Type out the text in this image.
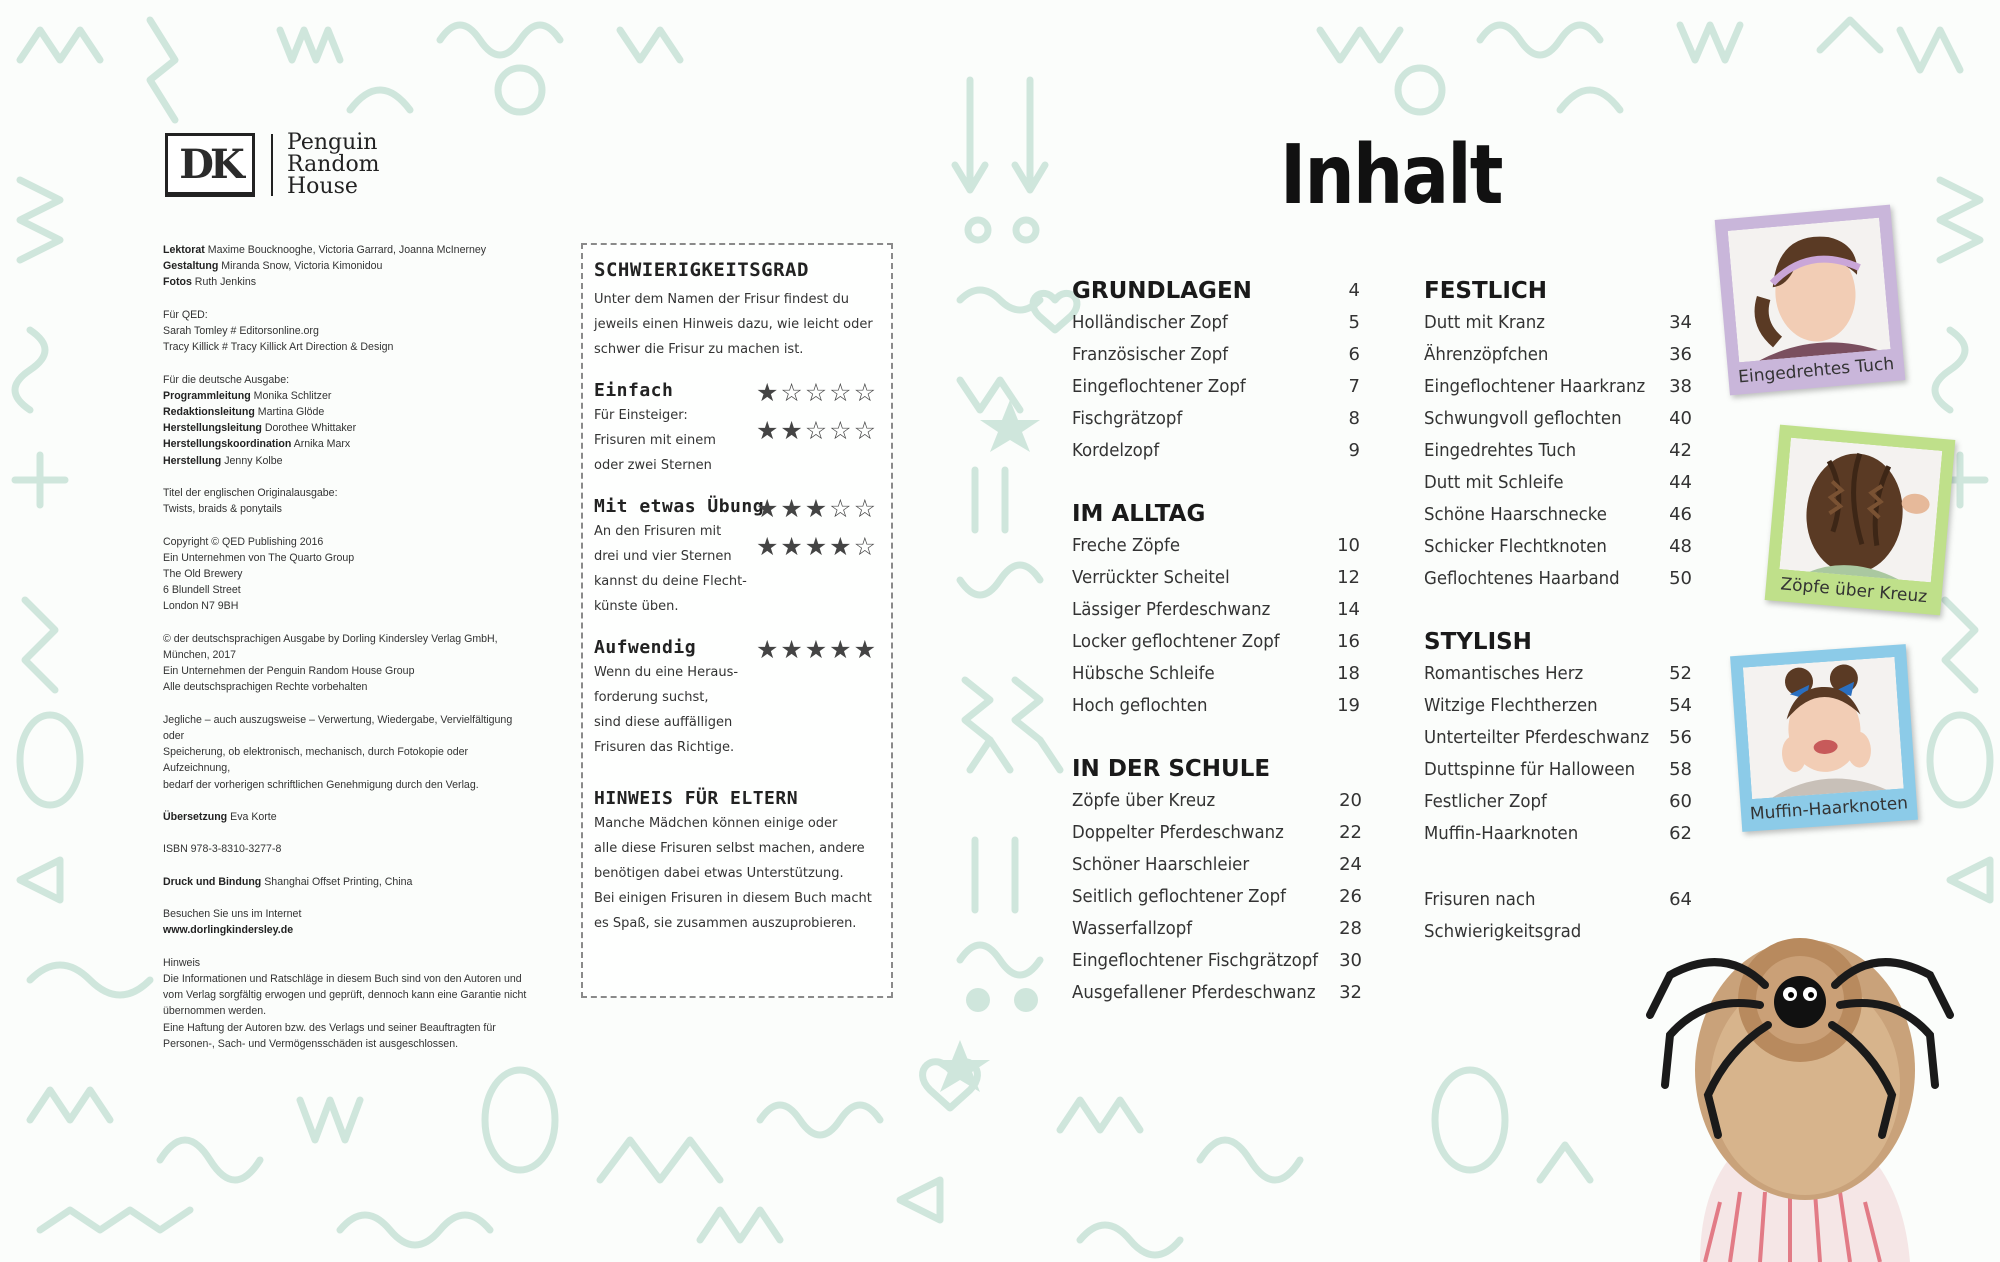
DK	Penguin
Random
House

Lektorat Maxime Boucknooghe, Victoria Garrard, Joanna McInerney
Gestaltung Miranda Snow, Victoria Kimonidou
Fotos Ruth Jenkins

Für QED:
Sarah Tomley # Editorsonline.org
Tracy Killick # Tracy Killick Art Direction & Design

Für die deutsche Ausgabe:
Programmleitung Monika Schlitzer
Redaktionsleitung Martina Glöde
Herstellungsleitung Dorothee Whittaker
Herstellungskoordination Arnika Marx
Herstellung Jenny Kolbe

Titel der englischen Originalausgabe:
Twists, braids & ponytails

Copyright © QED Publishing 2016
Ein Unternehmen von The Quarto Group
The Old Brewery
6 Blundell Street
London N7 9BH

© der deutschsprachigen Ausgabe by Dorling Kindersley Verlag GmbH, München, 2017
Ein Unternehmen der Penguin Random House Group
Alle deutschsprachigen Rechte vorbehalten

Jegliche – auch auszugsweise – Verwertung, Wiedergabe, Vervielfältigung oder
Speicherung, ob elektronisch, mechanisch, durch Fotokopie oder Aufzeichnung,
bedarf der vorherigen schriftlichen Genehmigung durch den Verlag.

Übersetzung Eva Korte

ISBN 978-3-8310-3277-8

Druck und Bindung Shanghai Offset Printing, China

Besuchen Sie uns im Internet
www.dorlingkindersley.de

Hinweis
Die Informationen und Ratschläge in diesem Buch sind von den Autoren und
vom Verlag sorgfältig erwogen und geprüft, dennoch kann eine Garantie nicht
übernommen werden.
Eine Haftung der Autoren bzw. des Verlags und seiner Beauftragten für
Personen-, Sach- und Vermögensschäden ist ausgeschlossen.

SCHWIERIGKEITSGRAD

Unter dem Namen der Frisur findest du
jeweils einen Hinweis dazu, wie leicht oder
schwer die Frisur zu machen ist.

Einfach	★☆☆☆☆
★★☆☆☆

Für Einsteiger:
Frisuren mit einem
oder zwei Sternen

Mit etwas Übung
★★★☆☆
★★★★☆

An den Frisuren mit
drei und vier Sternen
kannst du deine Flecht-
künste üben.

Aufwendig	★★★★★

Wenn du eine Heraus-
forderung suchst,
sind diese auffälligen
Frisuren das Richtige.

HINWEIS FÜR ELTERN

Manche Mädchen können einige oder
alle diese Frisuren selbst machen, andere
benötigen dabei etwas Unterstützung.
Bei einigen Frisuren in diesem Buch macht
es Spaß, sie zusammen auszuprobieren.

Inhalt
GRUNDLAGEN	4
Holländischer Zopf	5
Französischer Zopf	6
Eingeflochtener Zopf	7
Fischgrätzopf	8
Kordelzopf	9
IM ALLTAG
Freche Zöpfe	10
Verrückter Scheitel	12
Lässiger Pferdeschwanz	14
Locker geflochtener Zopf	16
Hübsche Schleife	18
Hoch geflochten	19
IN DER SCHULE
Zöpfe über Kreuz	20
Doppelter Pferdeschwanz	22
Schöner Haarschleier	24
Seitlich geflochtener Zopf	26
Wasserfallzopf	28
Eingeflochtener Fischgrätzopf 30
Ausgefallener Pferdeschwanz 32
FESTLICH
Dutt mit Kranz	34
Ährenzöpfchen	36
Eingeflochtener Haarkranz 38
Schwungvoll geflochten	40
Eingedrehtes Tuch	42
Dutt mit Schleife	44
Schöne Haarschnecke	46
Schicker Flechtknoten	48
Geflochtenes Haarband	50
STYLISH
Romantisches Herz	52
Witzige Flechtherzen	54
Unterteilter Pferdeschwanz 56
Duttspinne für Halloween 58
Festlicher Zopf	60
Muffin-Haarknoten	62
Frisuren nach	64
Schwierigkeitsgrad
Eingedrehtes Tuch
Zöpfe über Kreuz
Muffin-Haarknoten
